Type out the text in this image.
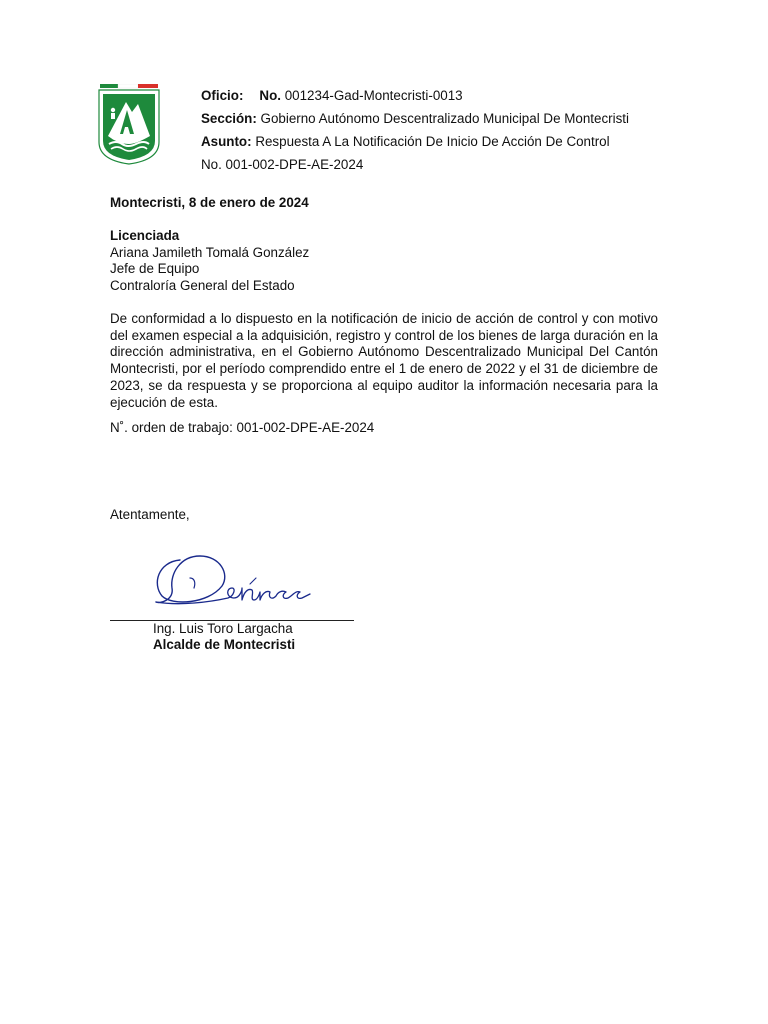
Oficio: No. 001234-Gad-Montecristi-0013
Sección: Gobierno Autónomo Descentralizado Municipal De Montecristi
Asunto: Respuesta A La Notificación De Inicio De Acción De Control
No. 001-002-DPE-AE-2024
Montecristi, 8 de enero de 2024
Licenciada
Ariana Jamileth Tomalá González
Jefe de Equipo
Contraloría General del Estado
De conformidad a lo dispuesto en la notificación de inicio de acción de control y con motivo del examen especial a la adquisición, registro y control de los bienes de larga duración en la dirección administrativa, en el Gobierno Autónomo Descentralizado Municipal Del Cantón Montecristi, por el período comprendido entre el 1 de enero de 2022 y el 31 de diciembre de 2023, se da respuesta y se proporciona al equipo auditor la información necesaria para la ejecución de esta.
N˚. orden de trabajo: 001-002-DPE-AE-2024
Atentamente,
Ing. Luis Toro Largacha
Alcalde de Montecristi
